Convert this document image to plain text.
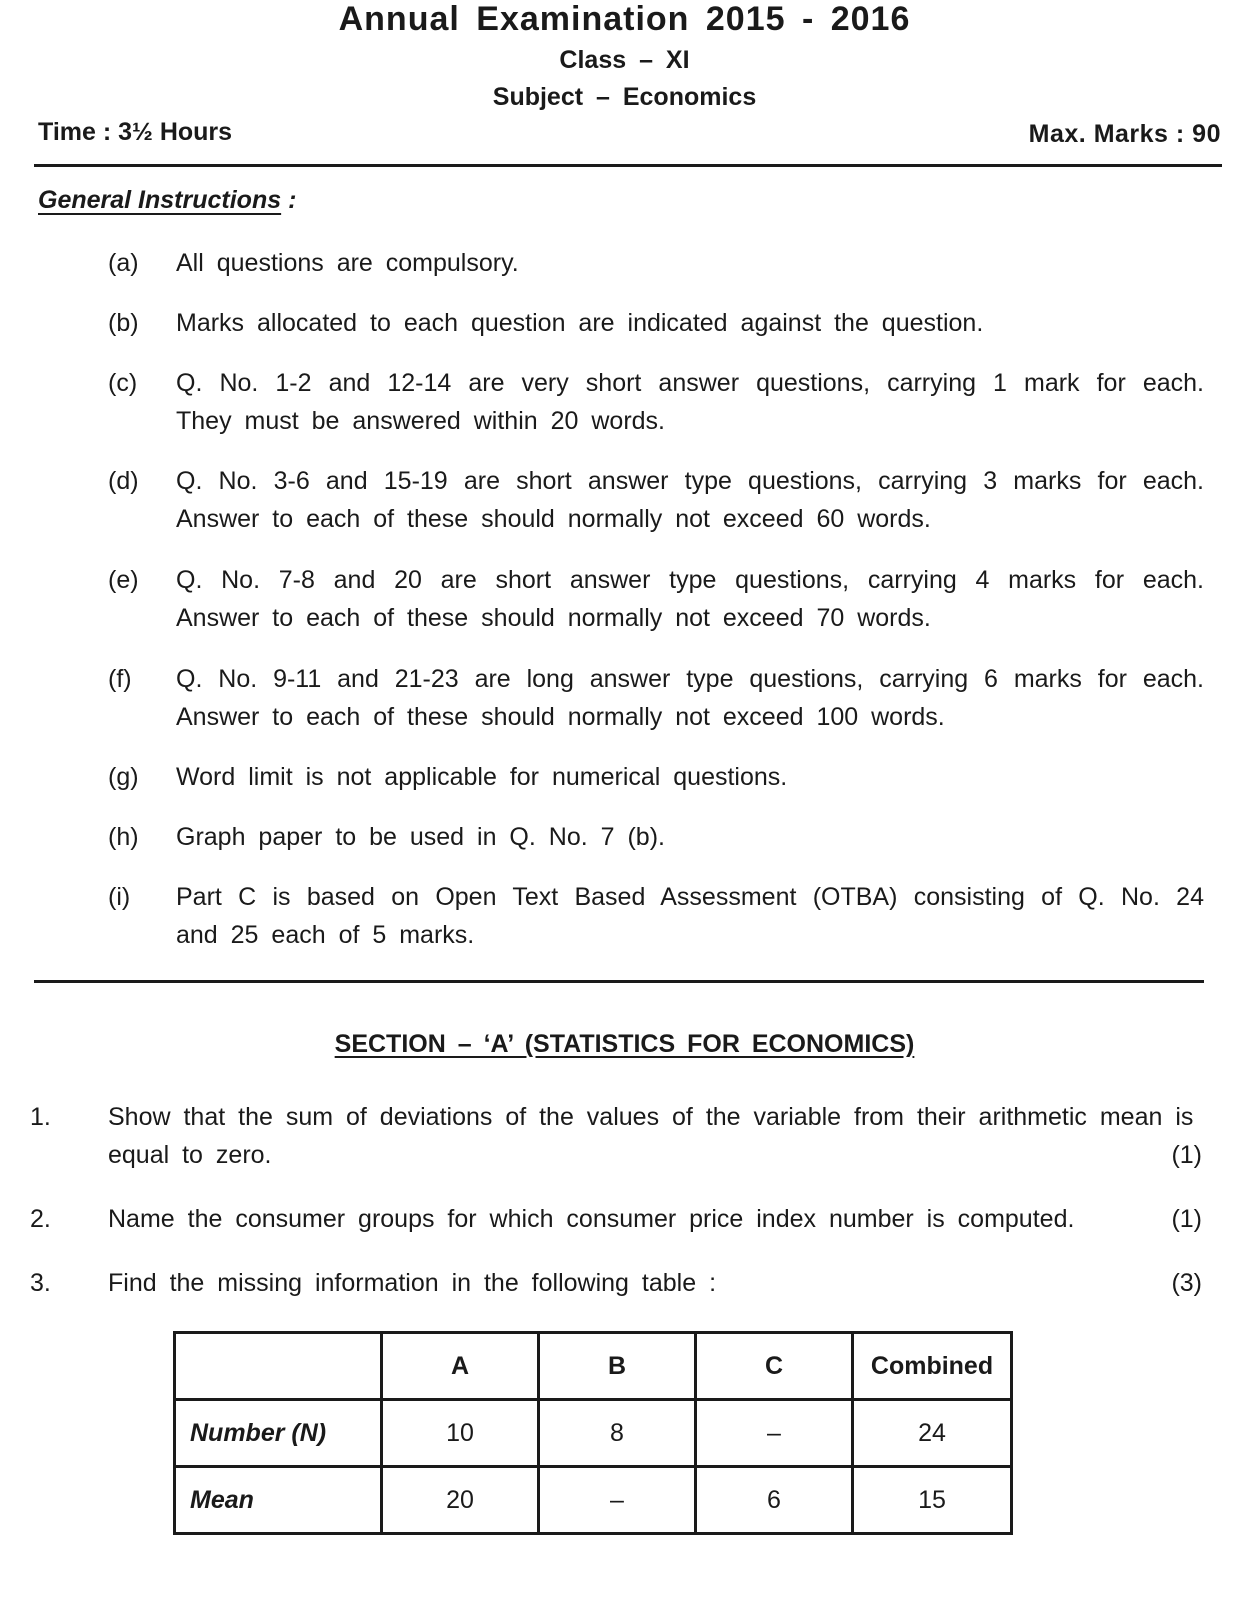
Annual Examination 2015 - 2016
Class – XI
Subject – Economics
Time : 3½ Hours	Max. Marks : 90
General Instructions :
(a) All questions are compulsory.
(b) Marks allocated to each question are indicated against the question.
(c) Q. No. 1-2 and 12-14 are very short answer questions, carrying 1 mark for each. They must be answered within 20 words.
(d) Q. No. 3-6 and 15-19 are short answer type questions, carrying 3 marks for each. Answer to each of these should normally not exceed 60 words.
(e) Q. No. 7-8 and 20 are short answer type questions, carrying 4 marks for each. Answer to each of these should normally not exceed 70 words.
(f) Q. No. 9-11 and 21-23 are long answer type questions, carrying 6 marks for each. Answer to each of these should normally not exceed 100 words.
(g) Word limit is not applicable for numerical questions.
(h) Graph paper to be used in Q. No. 7 (b).
(i) Part C is based on Open Text Based Assessment (OTBA) consisting of Q. No. 24 and 25 each of 5 marks.
SECTION – ‘A’ (STATISTICS FOR ECONOMICS)
1. Show that the sum of deviations of the values of the variable from their arithmetic mean is equal to zero.	(1)
2. Name the consumer groups for which consumer price index number is computed.	(1)
3. Find the missing information in the following table :	(3)
	A	B	C	Combined
Number (N)	10	8	–	24
Mean	20	–	6	15
